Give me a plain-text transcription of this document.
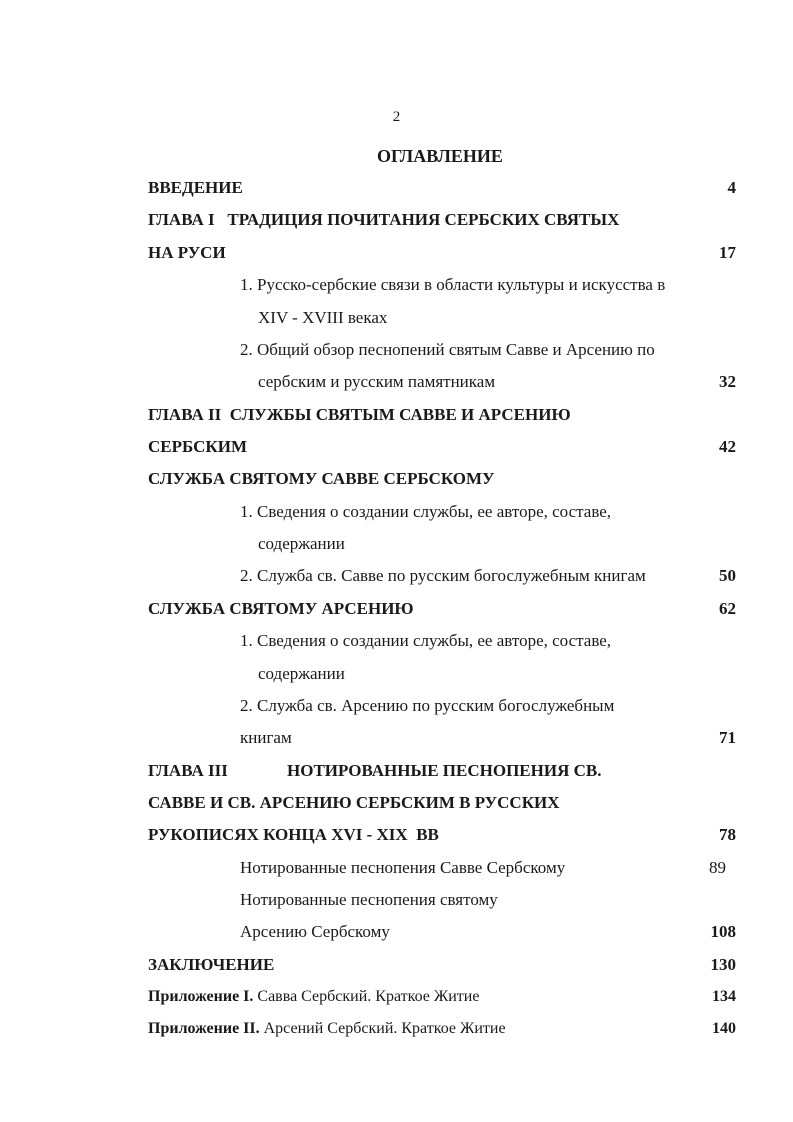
2
ОГЛАВЛЕНИЕ
ВВЕДЕНИЕ	4
ГЛАВА I   ТРАДИЦИЯ ПОЧИТАНИЯ СЕРБСКИХ СВЯТЫХ
НА РУСИ	17
1. Русско-сербские связи в области культуры и искусства в
XIV - XVIII веках
2. Общий обзор песнопений святым Савве и Арсению по
сербским и русским памятникам	32
ГЛАВА II  СЛУЖБЫ СВЯТЫМ САВВЕ И АРСЕНИЮ
СЕРБСКИМ	42
СЛУЖБА СВЯТОМУ САВВЕ СЕРБСКОМУ
1. Сведения о создании службы, ее авторе, составе,
содержании
2. Служба св. Савве по русским богослужебным книгам	50
СЛУЖБА СВЯТОМУ АРСЕНИЮ	62
1. Сведения о создании службы, ее авторе, составе,
содержании
2. Служба св. Арсению по русским богослужебным
книгам	71
ГЛАВА III	НОТИРОВАННЫЕ ПЕСНОПЕНИЯ СВ.
САВВЕ И СВ. АРСЕНИЮ СЕРБСКИМ В РУССКИХ
РУКОПИСЯХ КОНЦА XVI - XIX  ВВ	78
Нотированные песнопения Савве Сербскому	89
Нотированные песнопения святому
Арсению Сербскому	108
ЗАКЛЮЧЕНИЕ	130
Приложение I. Савва Сербский. Краткое Житие	134
Приложение II. Арсений Сербский. Краткое Житие	140
